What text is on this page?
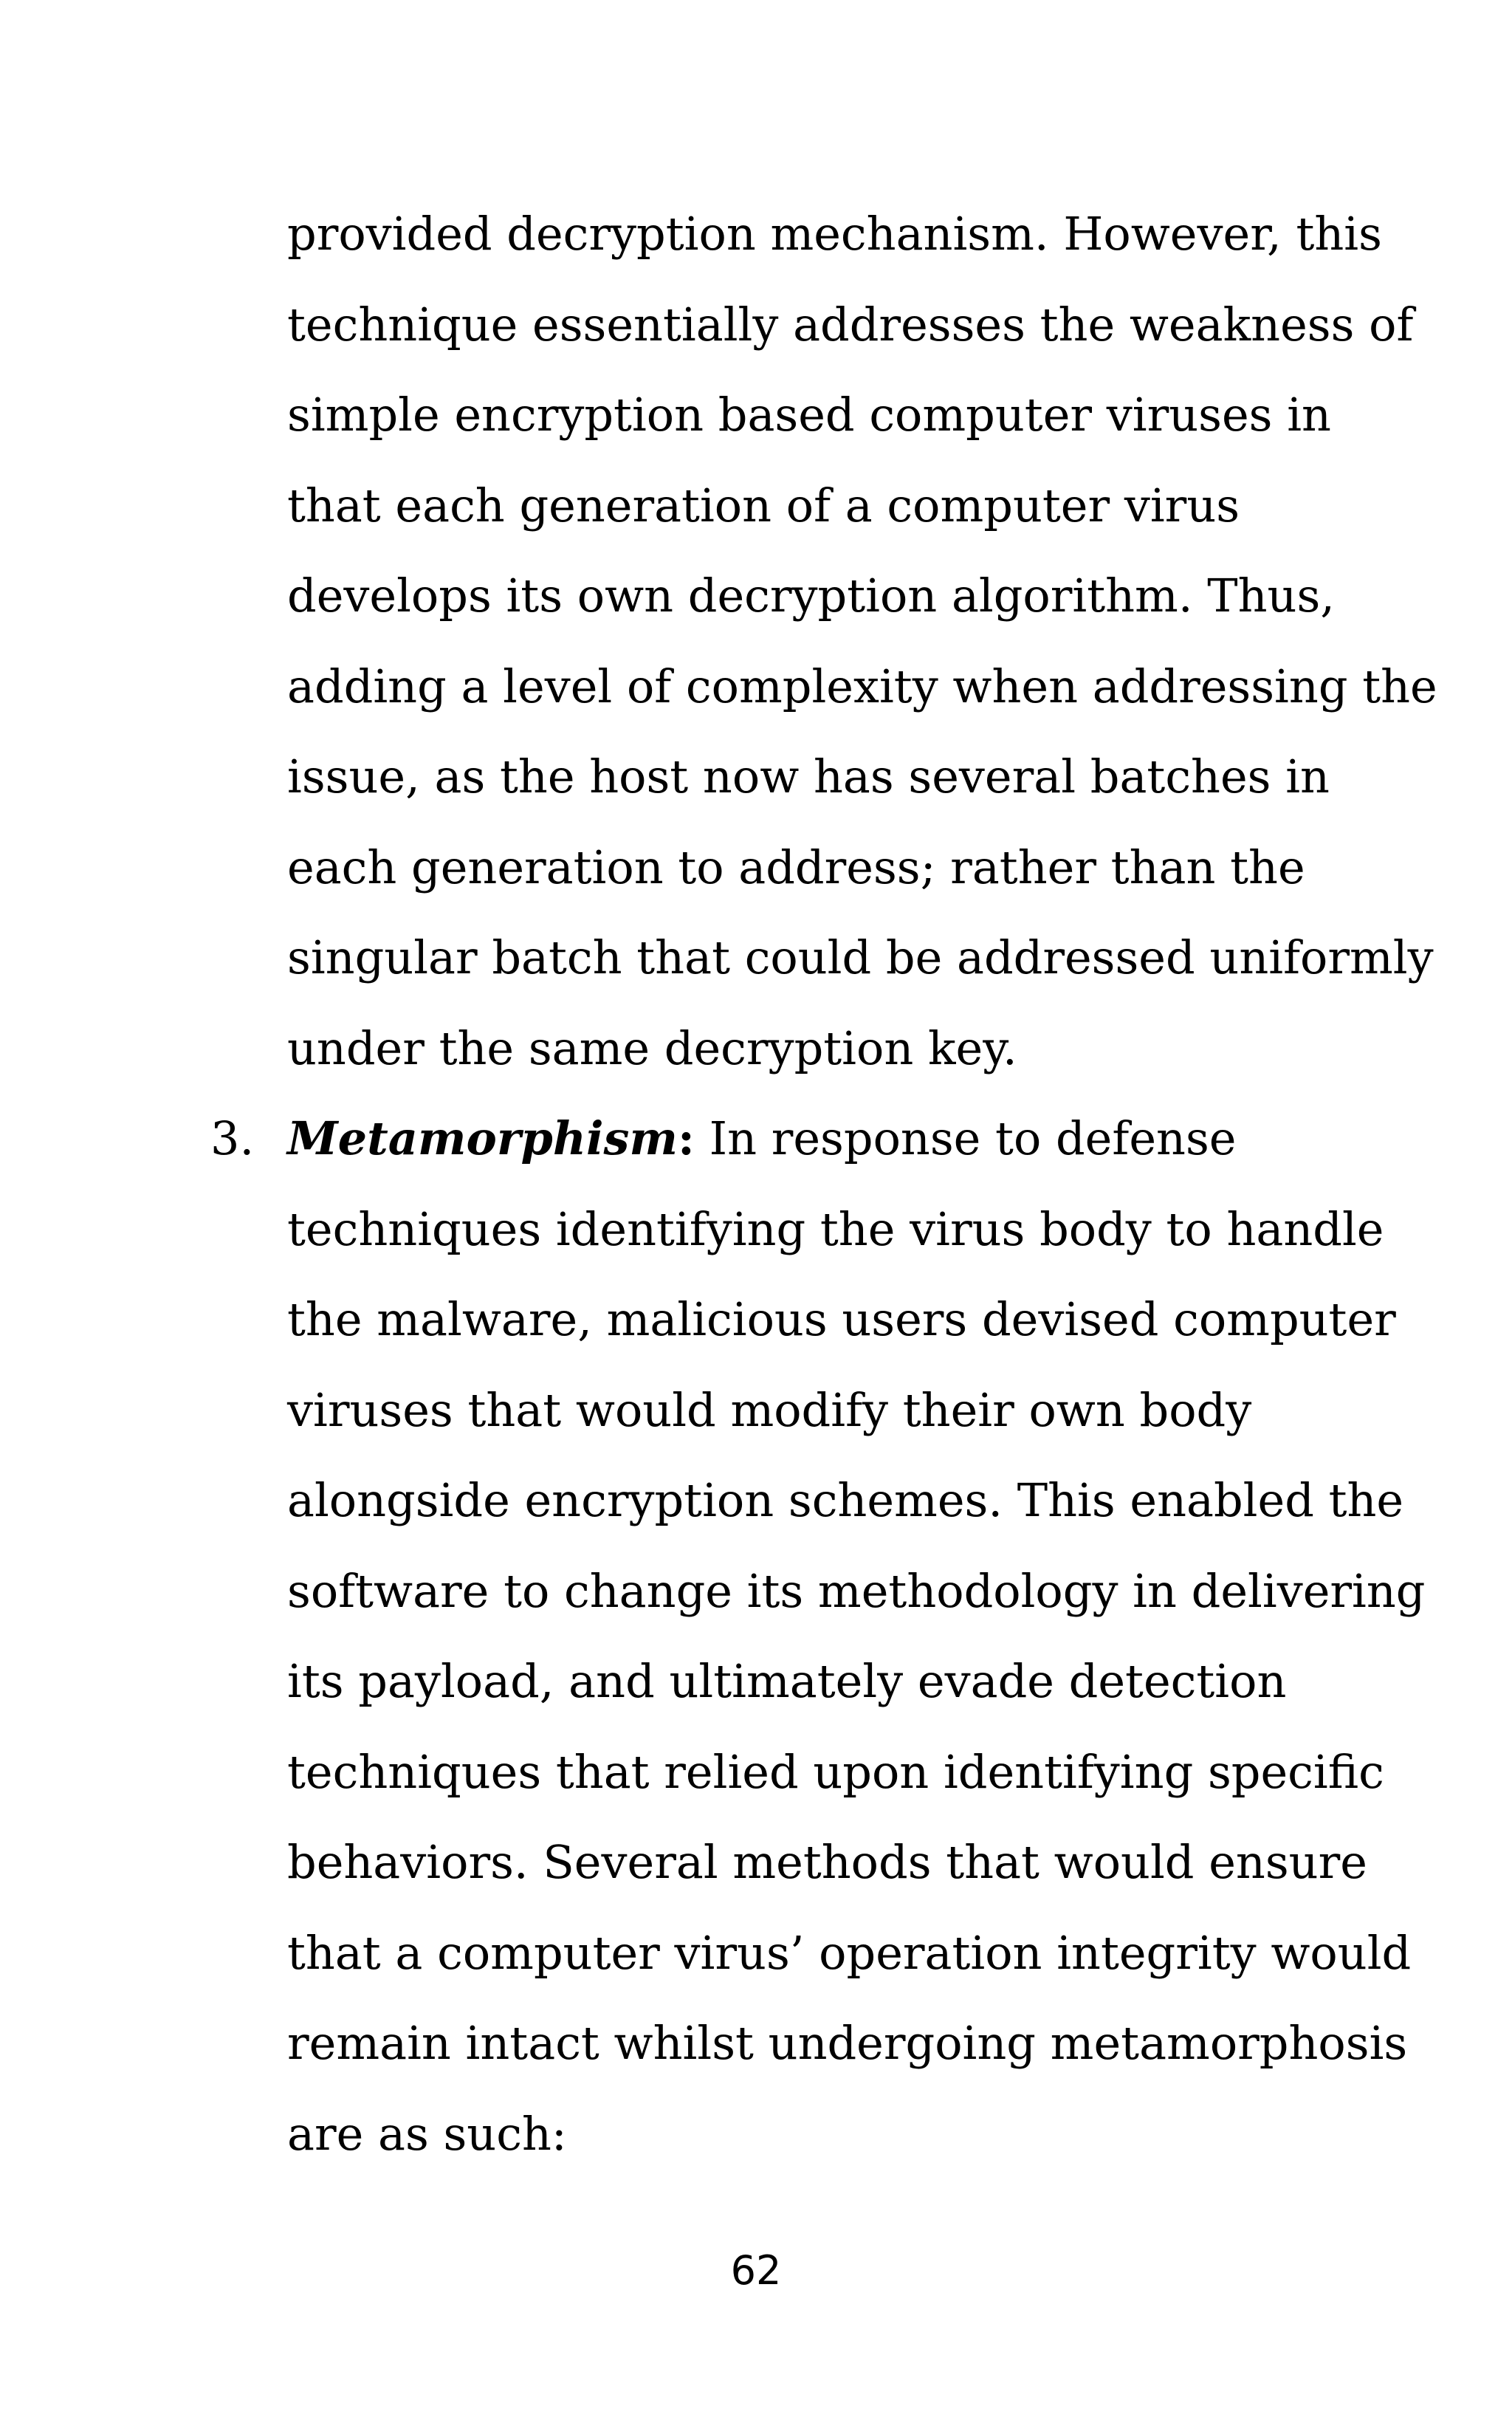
provided decryption mechanism. However, this
technique essentially addresses the weakness of
simple encryption based computer viruses in
that each generation of a computer virus
develops its own decryption algorithm. Thus,
adding a level of complexity when addressing the
issue, as the host now has several batches in
each generation to address; rather than the
singular batch that could be addressed uniformly
under the same decryption key.
3. Metamorphism: In response to defense
techniques identifying the virus body to handle
the malware, malicious users devised computer
viruses that would modify their own body
alongside encryption schemes. This enabled the
software to change its methodology in delivering
its payload, and ultimately evade detection
techniques that relied upon identifying specific
behaviors. Several methods that would ensure
that a computer virus’ operation integrity would
remain intact whilst undergoing metamorphosis
are as such:
62
